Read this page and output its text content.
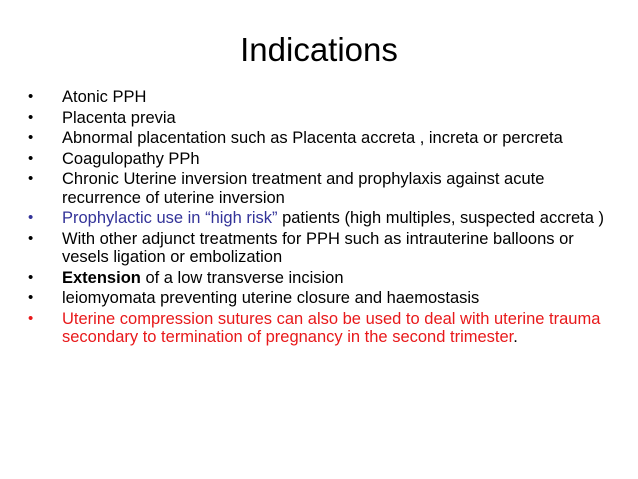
Indications
• Atonic PPH
• Placenta previa
• Abnormal placentation such as Placenta accreta , increta or percreta
• Coagulopathy PPh
• Chronic Uterine inversion treatment and prophylaxis against acute recurrence of uterine inversion
• Prophylactic use in “high risk” patients (high multiples, suspected accreta )
• With other adjunct treatments for PPH such as intrauterine balloons or vesels ligation or embolization
• Extension of a low transverse incision
• leiomyomata preventing uterine closure and haemostasis
• Uterine compression sutures can also be used to deal with uterine trauma secondary to termination of pregnancy in the second trimester.
